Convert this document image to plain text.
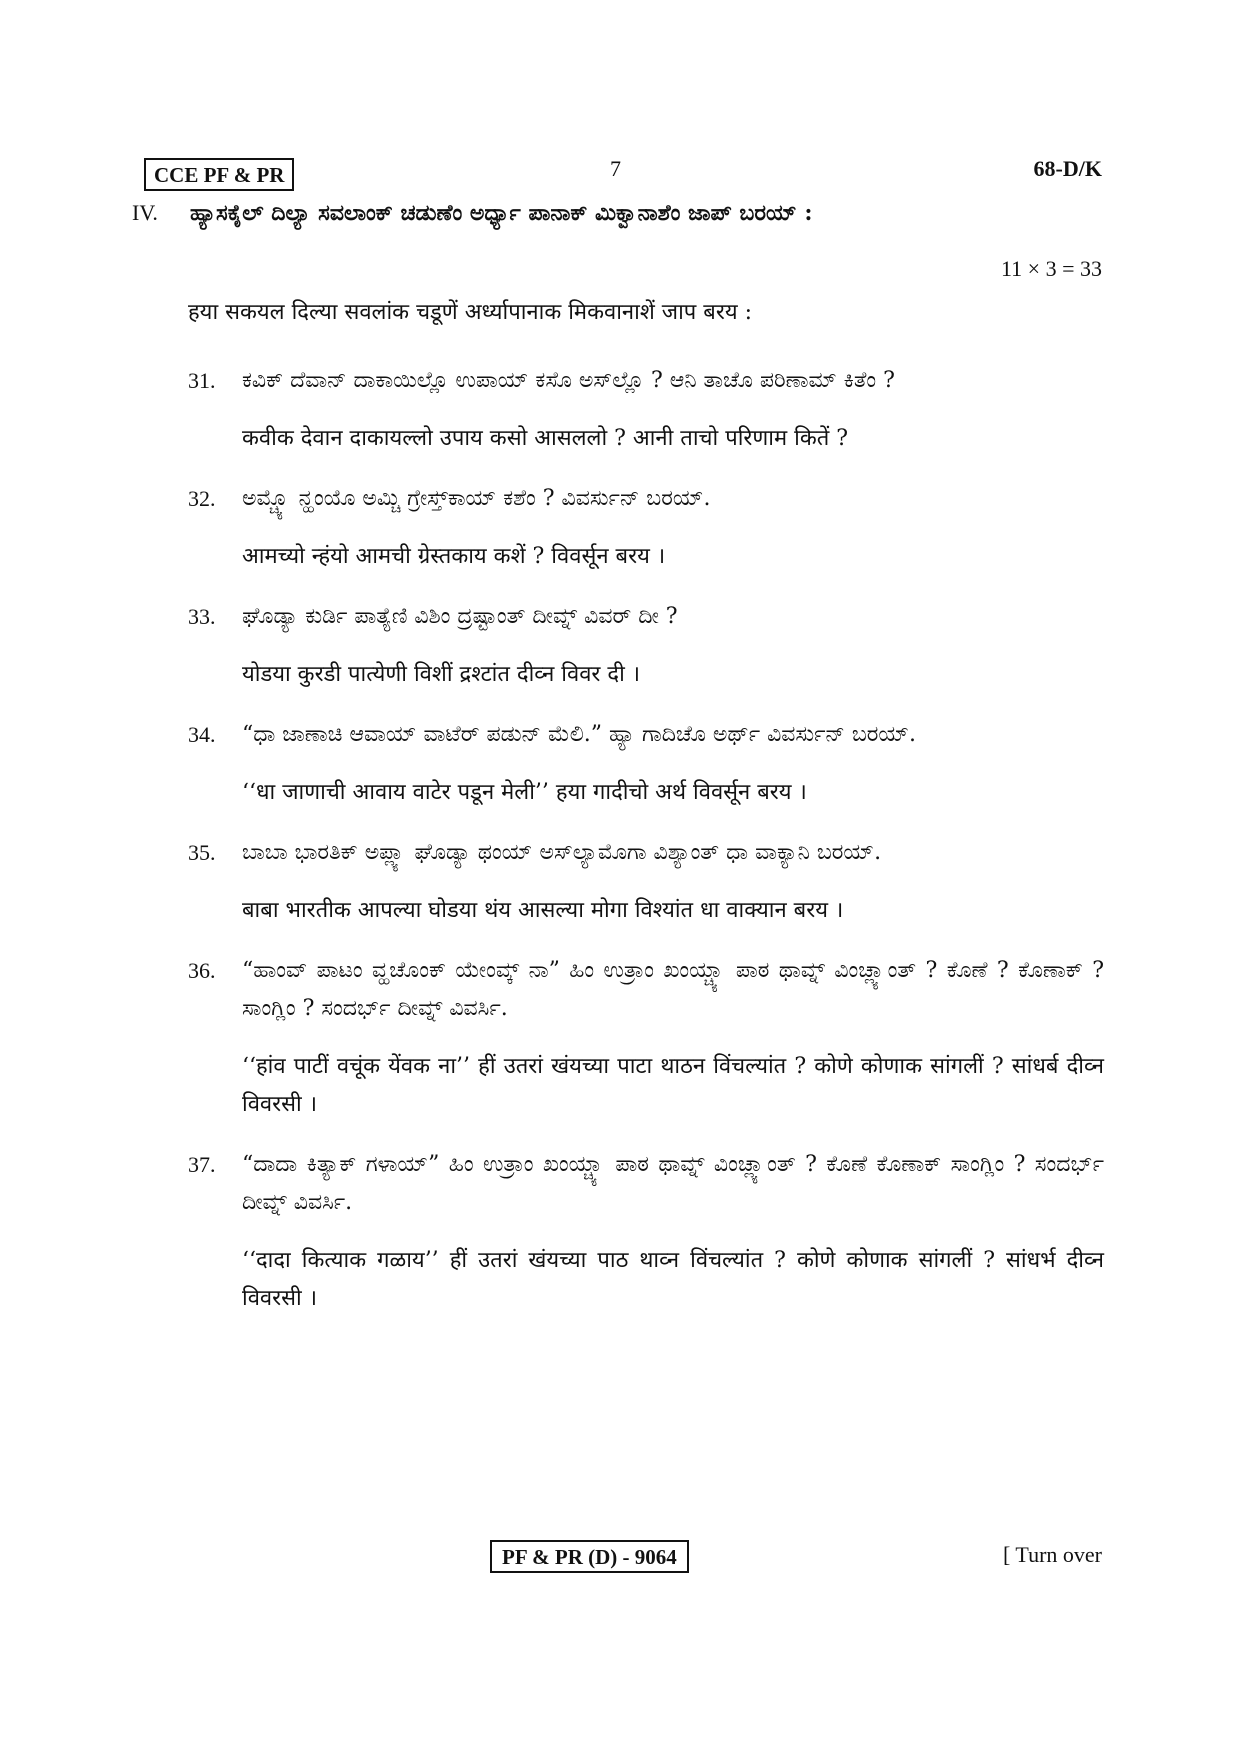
CCE PF & PR	7	68-D/K
IV. ಹ್ಯಾಸಕೈಲ್ ದಿಲ್ಯಾ ಸವಲಾಂಕ್ ಚಡುಣೆಂ ಅರ್ಧ್ಯಾ ಪಾನಾಕ್ ಮಿಕ್ವಾನಾಶೆಂ ಜಾಪ್ ಬರಯ್ :
11 × 3 = 33
हया सकयल दिल्या सवलांक चडूणें अर्ध्यापानाक मिकवानाशें जाप बरय :
31. ಕವಿಕ್ ದೆವಾನ್ ದಾಕಾಯಿಲ್ಲೊ ಉಪಾಯ್ ಕಸೊ ಅಸ್‌ಲ್ಲೊ ? ಆನಿ ತಾಚೊ ಪರಿಣಾಮ್ ಕಿತೆಂ ?
कवीक देवान दाकायल्लो उपाय कसो आसललो ? आनी ताचो परिणाम कितें ?
32. ಅಮ್ಚ್ಯೊ ನ್ಹಂಯೊ ಅಮ್ಚಿ ಗ್ರೇಸ್ತ್‌ಕಾಯ್ ಕಶೆಂ ? ವಿವರ್ಸುನ್ ಬರಯ್.
आमच्यो न्हंयो आमची ग्रेस्तकाय कशें ? विवर्सून बरय ।
33. ಘೊಡ್ಯಾ ಕುರ್ಡಿ ಪಾತ್ಯೆಣಿ ವಿಶಿಂ ದ್ರಷ್ಟಾಂತ್ ದೀವ್ನ್ ವಿವರ್ ದೀ ?
योडया कुरडी पात्येणी विशीं द्रश्टांत दीव्न विवर दी ।
34. “ಧಾ ಜಾಣಾಚಿ ಆವಾಯ್ ವಾಟೆರ್ ಪಡುನ್ ಮೆಲಿ.” ಹ್ಯಾ ಗಾದಿಚೊ ಅರ್ಥ್ ವಿವರ್ಸುನ್ ಬರಯ್.
‘‘धा जाणाची आवाय वाटेर पडून मेली’’ हया गादीचो अर्थ विवर्सून बरय ।
35. ಬಾಬಾ ಭಾರತಿಕ್ ಅಪ್ಲ್ಯಾ ಘೊಡ್ಯಾ ಥಂಯ್ ಅಸ್‌ಲ್ಯಾಮೊಗಾ ವಿಶ್ಯಾಂತ್ ಧಾ ವಾಕ್ಯಾನಿ ಬರಯ್.
बाबा भारतीक आपल्या घोडया थंय आसल्या मोगा विश्यांत धा वाक्यान बरय ।
36. “ಹಾಂವ್ ಪಾಟಂ ವ್ಹಚೊಂಕ್ ಯೇಂವ್ಕ್ ನಾ” ಹಿಂ ಉತ್ರಾಂ ಖಂಯ್ಚ್ಯಾ ಪಾಠ ಥಾವ್ನ್ ವಿಂಚ್ಲ್ಯಾಂತ್ ? ಕೊಣೆ ? ಕೊಣಾಕ್ ? ಸಾಂಗ್ಲಿಂ ? ಸಂದರ್ಭ್ ದೀವ್ನ್ ವಿವರ್ಸಿ.
‘‘हांव पाटीं वचूंक येंवक ना’’ हीं उतरां खंयच्या पाटा थाठन विंचल्यांत ? कोणे कोणाक सांगलीं ? सांधर्ब दीव्न विवरसी ।
37. “ದಾದಾ ಕಿತ್ಯಾಕ್ ಗಳಾಯ್” ಹಿಂ ಉತ್ರಾಂ ಖಂಯ್ಚ್ಯಾ ಪಾಠ ಥಾವ್ನ್ ವಿಂಚ್ಲ್ಯಾಂತ್ ? ಕೊಣೆ ಕೊಣಾಕ್ ಸಾಂಗ್ಲಿಂ ? ಸಂದರ್ಭ್ ದೀವ್ನ್ ವಿವರ್ಸಿ.
‘‘दादा कित्याक गळाय’’ हीं उतरां खंयच्या पाठ थाव्न विंचल्यांत ? कोणे कोणाक सांगलीं ? सांधर्भ दीव्न विवरसी ।
PF & PR (D) - 9064	[ Turn over
